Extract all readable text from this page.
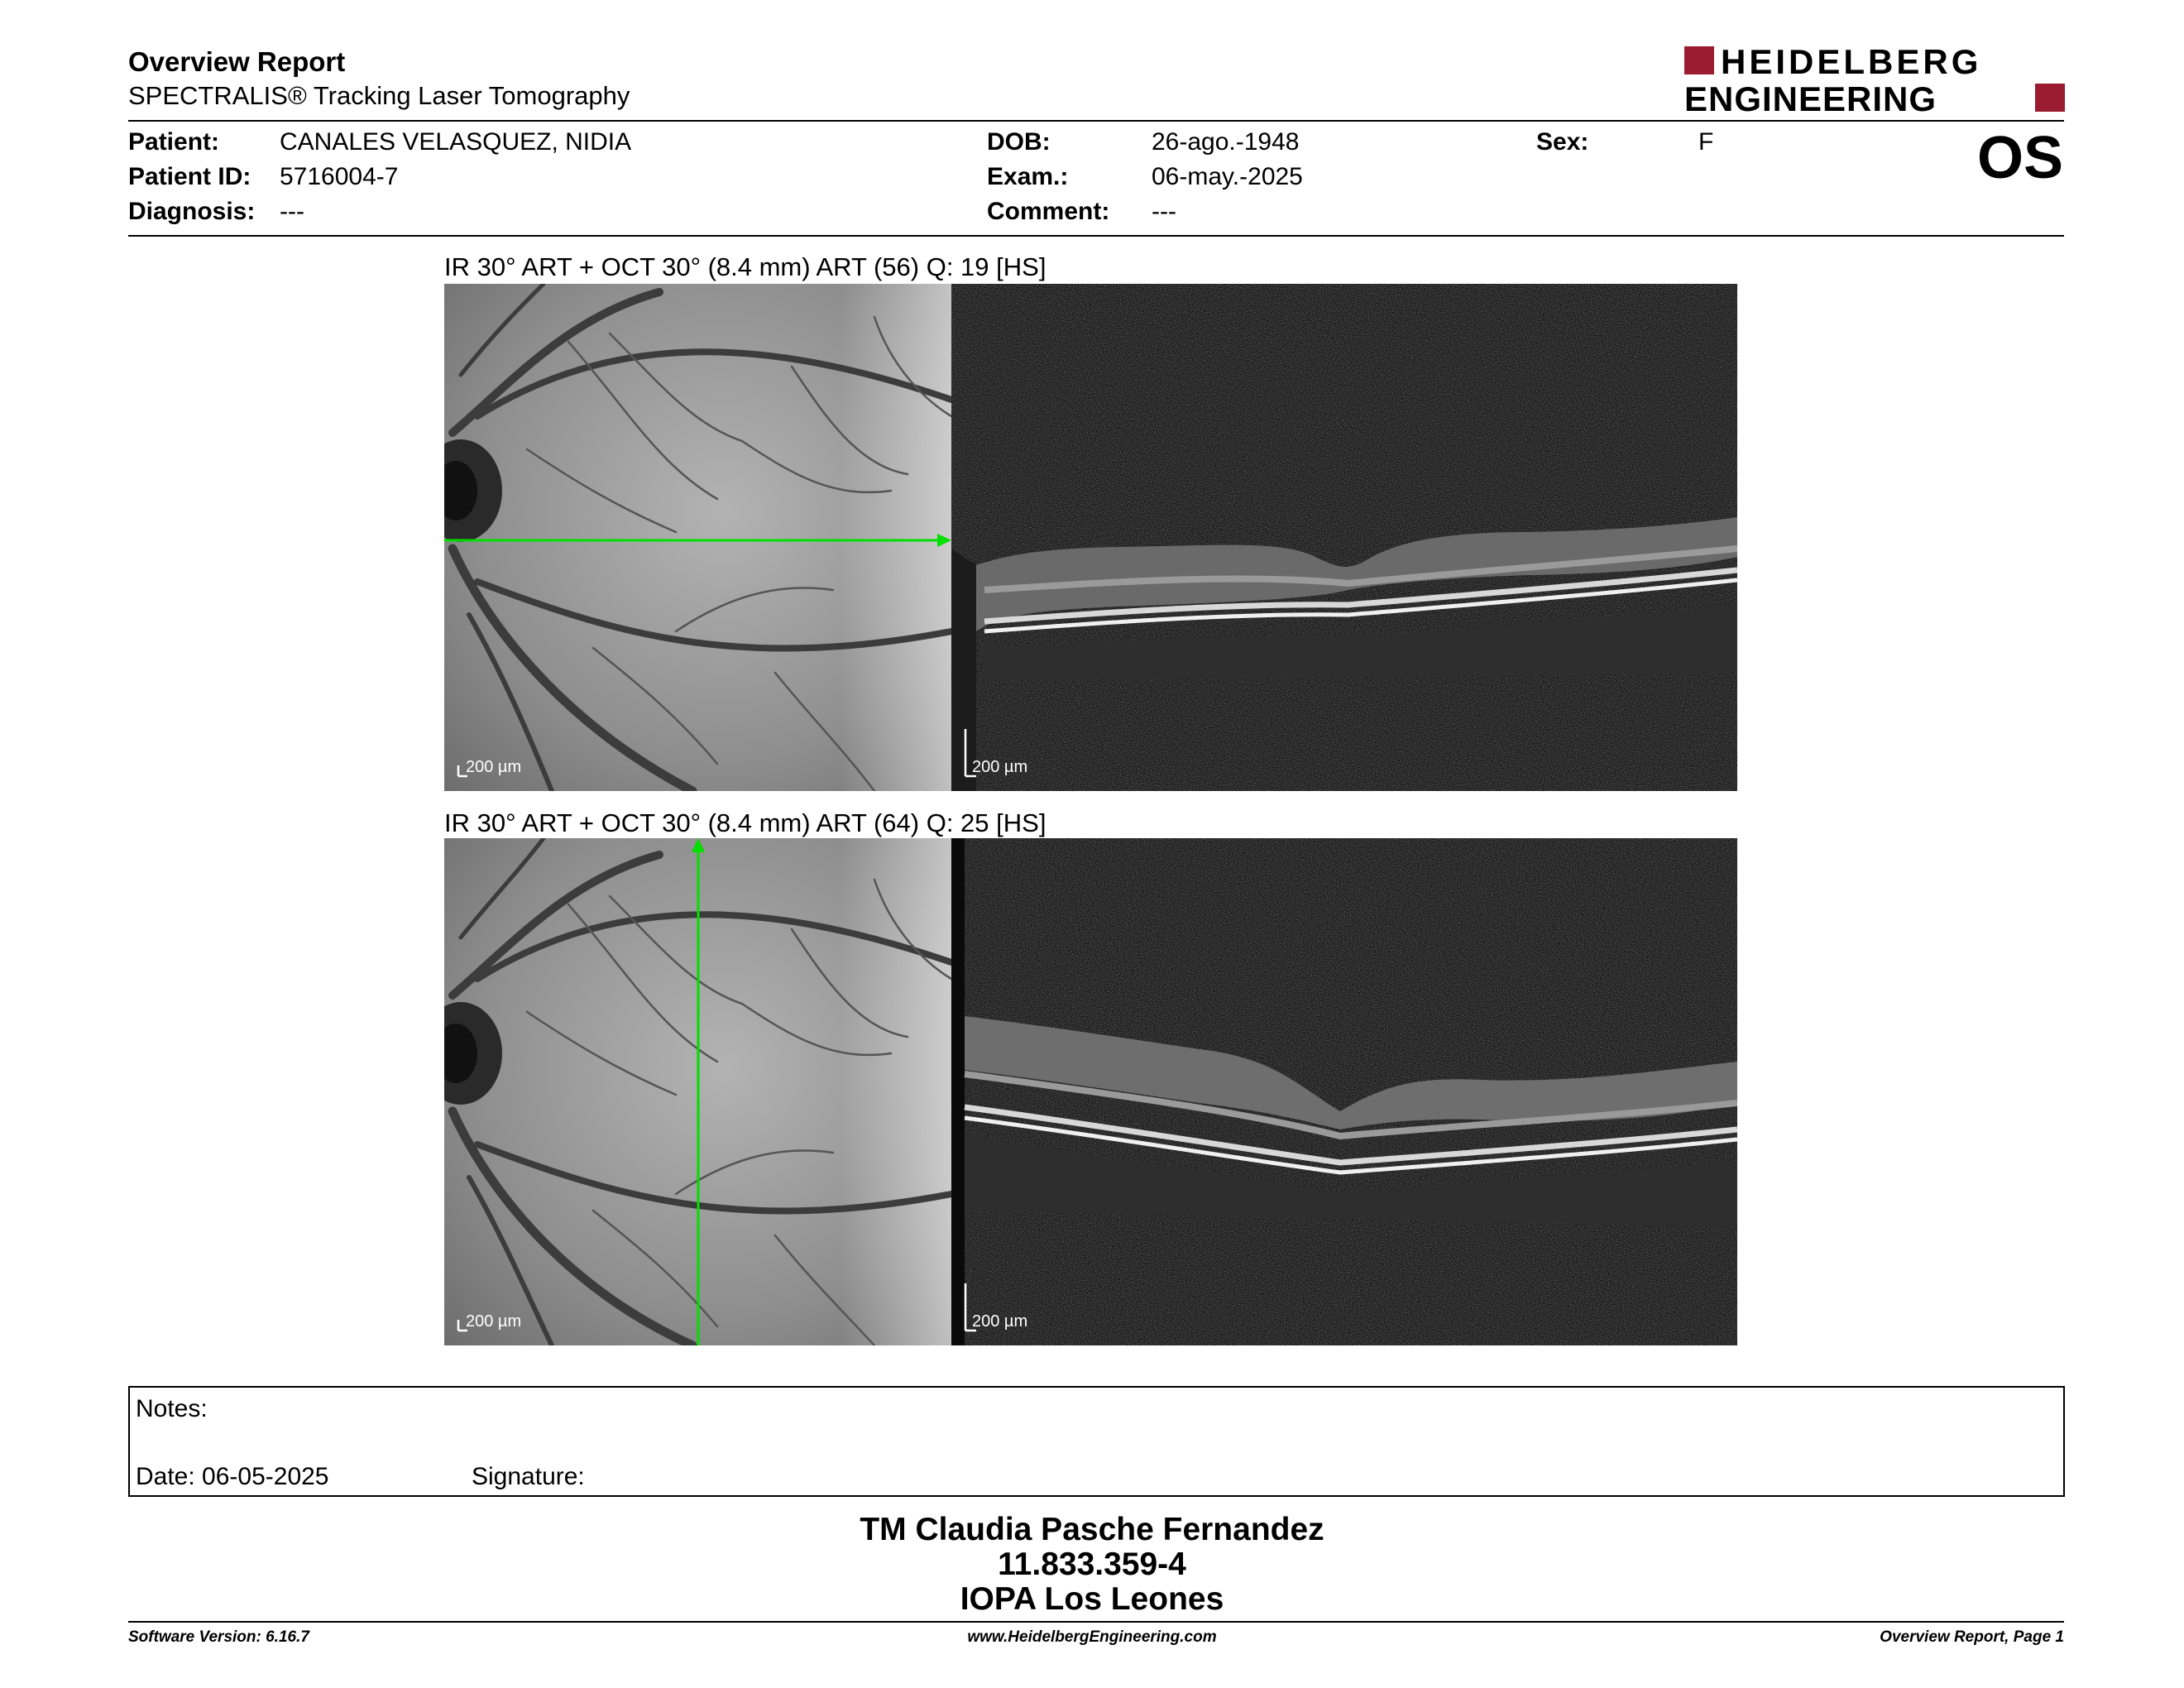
Overview Report
SPECTRALIS® Tracking Laser Tomography
HEIDELBERG
ENGINEERING
Patient: CANALES VELASQUEZ, NIDIA
Patient ID: 5716004-7
Diagnosis: ---
DOB:	26-ago.-1948
Exam.:	06-may.-2025
Comment: ---
Sex:	F	OS
IR 30° ART + OCT 30° (8.4 mm) ART (56) Q: 19 [HS]
200 µm	200 µm
IR 30° ART + OCT 30° (8.4 mm) ART (64) Q: 25 [HS]
200 µm	200 µm
Notes:
Date: 06-05-2025	Signature:
TM Claudia Pasche Fernandez
11.833.359-4
IOPA Los Leones
Software Version: 6.16.7	www.HeidelbergEngineering.com	Overview Report, Page 1
